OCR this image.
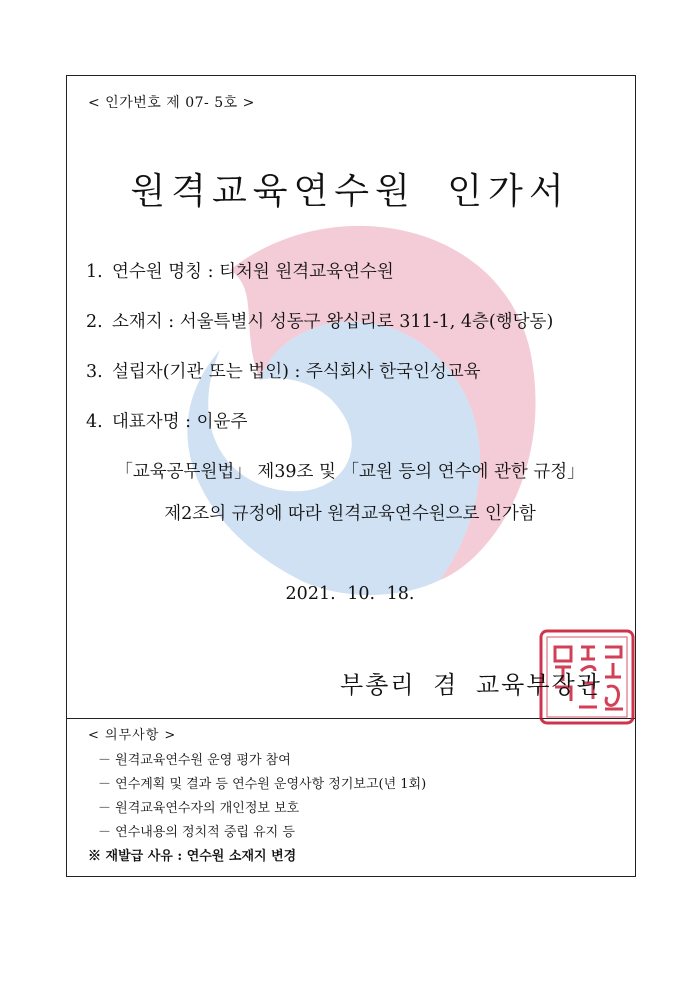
< 인가번호 제 07- 5호 >
원격교육연수원 인가서
1. 연수원 명칭 : 티처원 원격교육연수원
2. 소재지 : 서울특별시 성동구 왕십리로 311-1, 4층(행당동)
3. 설립자(기관 또는 법인) : 주식회사 한국인성교육
4. 대표자명 : 이윤주
「교육공무원법」 제39조 및 「교원 등의 연수에 관한 규정」
제2조의 규정에 따라 원격교육연수원으로 인가함
2021. 10. 18.
부총리 겸 교육부장관
< 의무사항 >
－ 원격교육연수원 운영 평가 참여
－ 연수계획 및 결과 등 연수원 운영사항 정기보고(년 1회)
－ 원격교육연수자의 개인정보 보호
－ 연수내용의 정치적 중립 유지 등
※ 재발급 사유 : 연수원 소재지 변경
